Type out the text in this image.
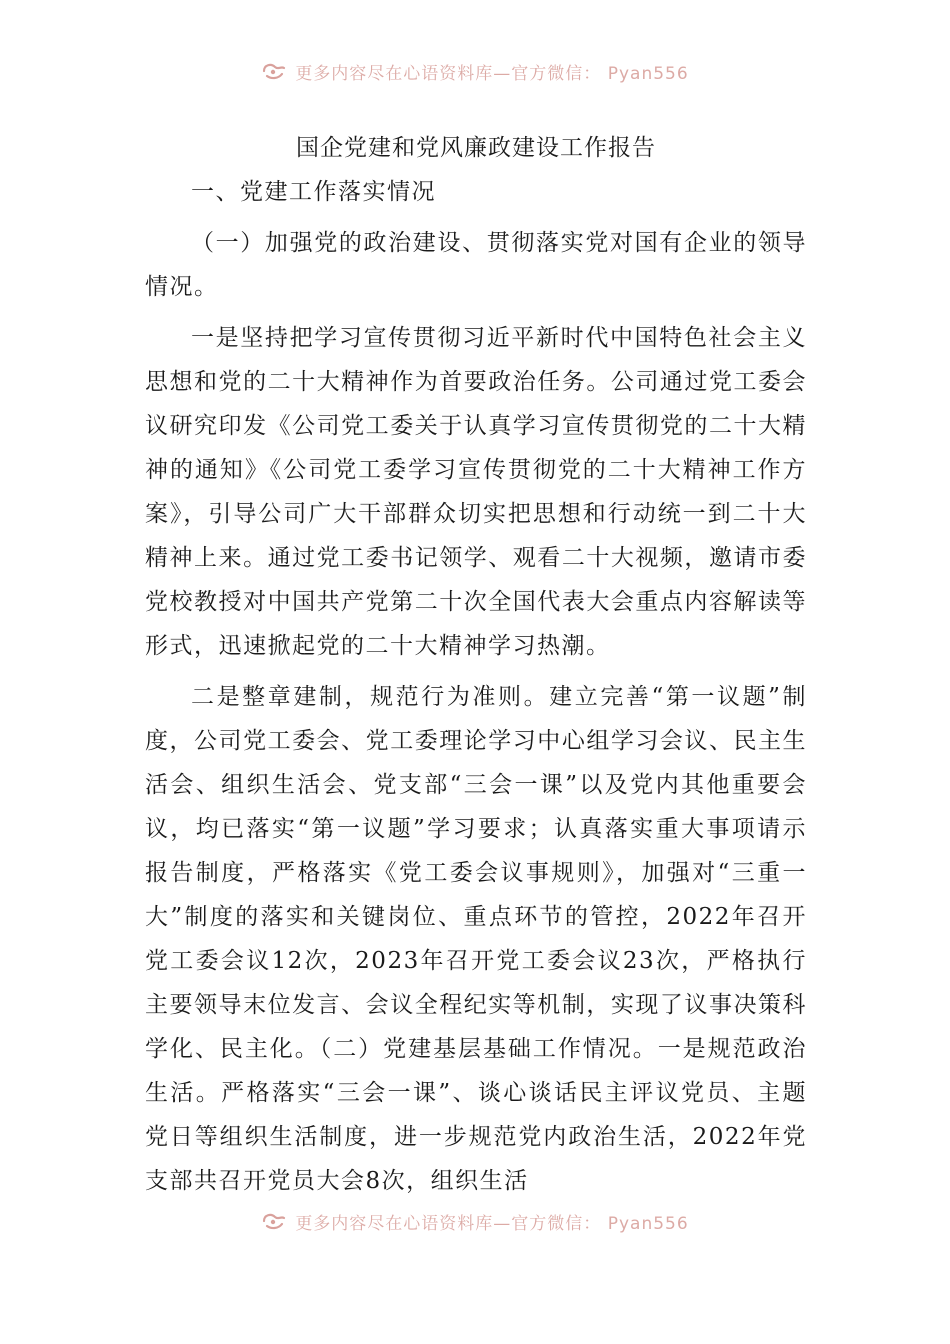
更多内容尽在心语资料库—官方微信： Pyan556
国企党建和党风廉政建设工作报告

一、党建工作落实情况

（一）加强党的政治建设、贯彻落实党对国有企业的领导情况。

一是坚持把学习宣传贯彻习近平新时代中国特色社会主义思想和党的二十大精神作为首要政治任务。公司通过党工委会议研究印发《公司党工委关于认真学习宣传贯彻党的二十大精神的通知》《公司党工委学习宣传贯彻党的二十大精神工作方案》，引导公司广大干部群众切实把思想和行动统一到二十大精神上来。通过党工委书记领学、观看二十大视频，邀请市委党校教授对中国共产党第二十次全国代表大会重点内容解读等形式，迅速掀起党的二十大精神学习热潮。

二是整章建制，规范行为准则。建立完善“第一议题”制度，公司党工委会、党工委理论学习中心组学习会议、民主生活会、组织生活会、党支部“三会一课”以及党内其他重要会议，均已落实“第一议题”学习要求；认真落实重大事项请示报告制度，严格落实《党工委会议事规则》，加强对“三重一大”制度的落实和关键岗位、重点环节的管控，2022年召开党工委会议12次，2023年召开党工委会议23次，严格执行主要领导末位发言、会议全程纪实等机制，实现了议事决策科学化、民主化。（二）党建基层基础工作情况。一是规范政治生活。严格落实“三会一课”、谈心谈话民主评议党员、主题党日等组织生活制度，进一步规范党内政治生活，2022年党支部共召开党员大会8次，组织生活

更多内容尽在心语资料库—官方微信： Pyan556
